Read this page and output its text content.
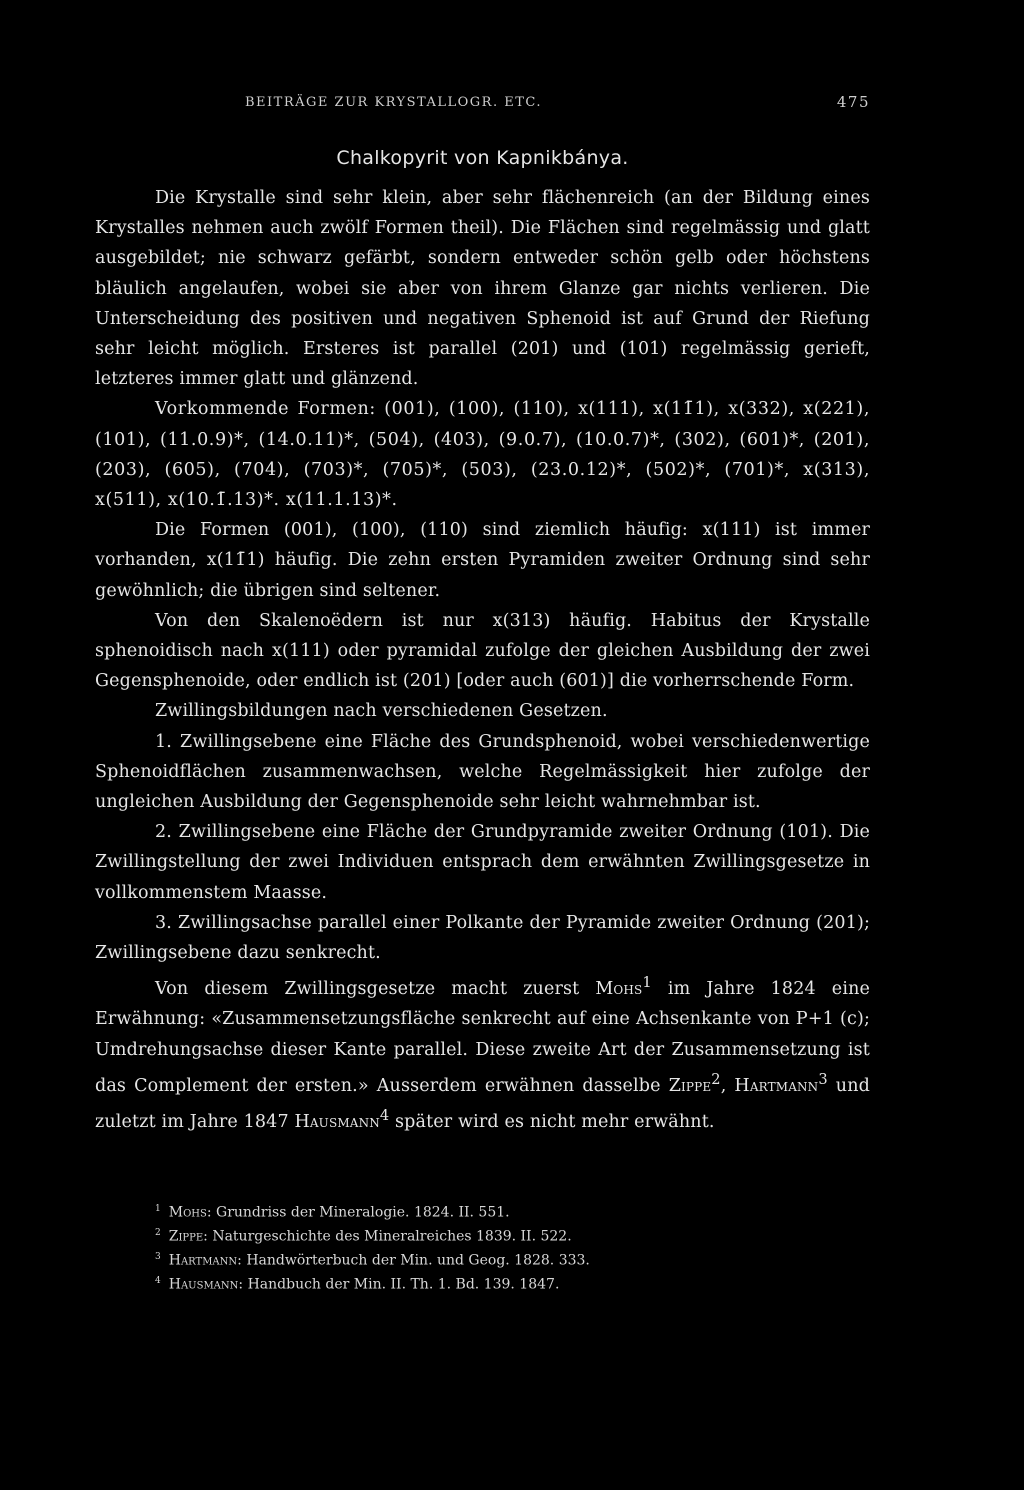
BEITRÄGE ZUR KRYSTALLOGR. ETC.	475
Chalkopyrit von Kapnikbánya.

Die Krystalle sind sehr klein, aber sehr flächenreich (an der Bildung eines Krystalles nehmen auch zwölf Formen theil). Die Flächen sind regelmässig und glatt ausgebildet; nie schwarz gefärbt, sondern entweder schön gelb oder höchstens bläulich angelaufen, wobei sie aber von ihrem Glanze gar nichts verlieren. Die Unterscheidung des positiven und negativen Sphenoid ist auf Grund der Riefung sehr leicht möglich. Ersteres ist parallel (201) und (101) regelmässig gerieft, letzteres immer glatt und glänzend.

Vorkommende Formen: (001), (100), (110), x(111), x(11̄1), x(332), x(221), (101), (11.0.9)*, (14.0.11)*, (504), (403), (9.0.7), (10.0.7)*, (302), (601)*, (201), (203), (605), (704), (703)*, (705)*, (503), (23.0.12)*, (502)*, (701)*, x(313), x(511), x(10.1̄.13)*. x(11.1.13)*.

Die Formen (001), (100), (110) sind ziemlich häufig: x(111) ist immer vorhanden, x(11̄1) häufig. Die zehn ersten Pyramiden zweiter Ordnung sind sehr gewöhnlich; die übrigen sind seltener.

Von den Skalenoëdern ist nur x(313) häufig. Habitus der Krystalle sphenoidisch nach x(111) oder pyramidal zufolge der gleichen Ausbildung der zwei Gegensphenoide, oder endlich ist (201) [oder auch (601)] die vorherrschende Form.

Zwillingsbildungen nach verschiedenen Gesetzen.

1. Zwillingsebene eine Fläche des Grundsphenoid, wobei verschiedenwertige Sphenoidflächen zusammenwachsen, welche Regelmässigkeit hier zufolge der ungleichen Ausbildung der Gegensphenoide sehr leicht wahrnehmbar ist.

2. Zwillingsebene eine Fläche der Grundpyramide zweiter Ordnung (101). Die Zwillingstellung der zwei Individuen entsprach dem erwähnten Zwillingsgesetze in vollkommenstem Maasse.

3. Zwillingsachse parallel einer Polkante der Pyramide zweiter Ordnung (201); Zwillingsebene dazu senkrecht.

Von diesem Zwillingsgesetze macht zuerst Mohs$^1$ im Jahre 1824 eine Erwähnung: «Zusammensetzungsfläche senkrecht auf eine Achsenkante von P+1 (c); Umdrehungsachse dieser Kante parallel. Diese zweite Art der Zusammensetzung ist das Complement der ersten.» Ausserdem erwähnen dasselbe Zippe$^2$, Hartmann$^3$ und zuletzt im Jahre 1847 Hausmann$^4$ später wird es nicht mehr erwähnt.

$^1$ Mohs: Grundriss der Mineralogie. 1824. II. 551.

$^2$ Zippe: Naturgeschichte des Mineralreiches 1839. II. 522.

$^3$ Hartmann: Handwörterbuch der Min. und Geog. 1828. 333.

$^4$ Hausmann: Handbuch der Min. II. Th. 1. Bd. 139. 1847.
